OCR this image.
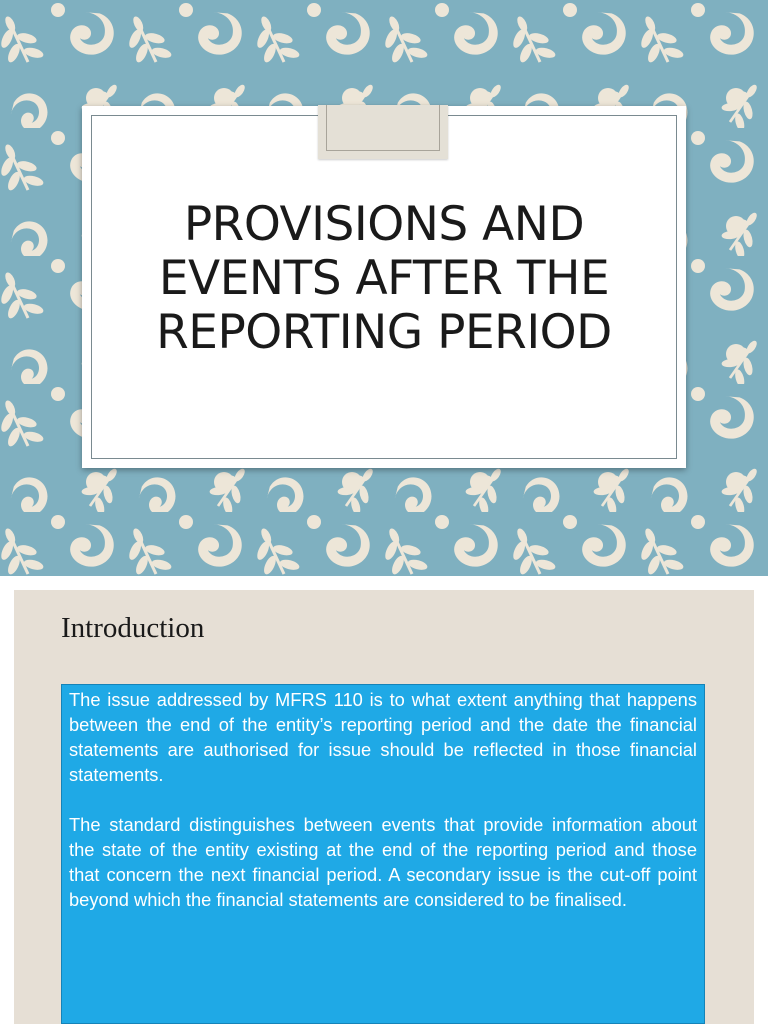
PROVISIONS AND
EVENTS AFTER THE
REPORTING PERIOD
Introduction

The issue addressed by MFRS 110 is to what extent anything that happens between the end of the entity’s reporting period and the date the financial statements are authorised for issue should be reflected in those financial statements.

The standard distinguishes between events that provide information about the state of the entity existing at the end of the reporting period and those that concern the next financial period. A secondary issue is the cut-off point beyond which the financial statements are considered to be finalised.
